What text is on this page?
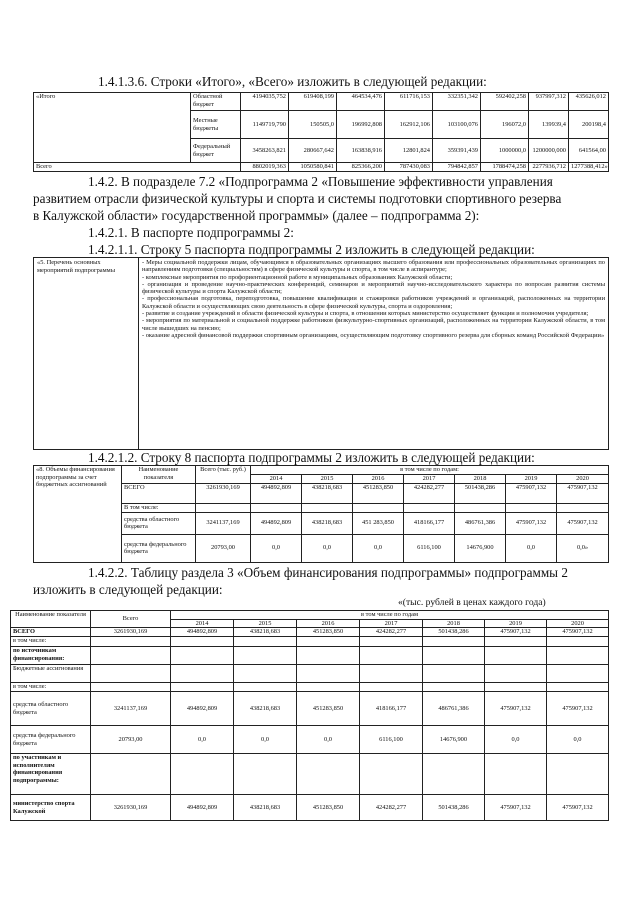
1.4.1.3.6. Строки «Итого», «Всего» изложить в следующей редакции:
«Итого	Областной бюджет	4194035,752	619408,199	464534,476	611716,153	332351,342	592402,258	937997,312	435626,012
	Местные бюджеты	1149719,790	150505,0	196992,808	162912,106	103100,076	196072,0	139939,4	200198,4
	Федеральный бюджет	3458263,821	280667,642	163838,916	12801,824	359391,439	1000000,0	1200000,000	641564,00
Всего		8802019,363	1050580,841	825366,200	787430,083	794842,857	1788474,258	2277936,712	1277388,412»
1.4.2. В подразделе 7.2 «Подпрограмма 2 «Повышение эффективности управления
развитием отрасли физической культуры и спорта и системы подготовки спортивного резерва
в Калужской области» государственной программы» (далее – подпрограмма 2):
1.4.2.1. В паспорте подпрограммы 2:
1.4.2.1.1. Строку 5 паспорта подпрограммы 2 изложить в следующей редакции:
«5. Перечень основных мероприятий подпрограммы	

- Меры социальной поддержки лицам, обучающимся в образовательных организациях высшего образования или профессиональных образовательных организациях по направлениям подготовки (специальностям) в сфере физической культуры и спорта, в том числе в аспирантуре;

- комплексные мероприятия по профориентационной работе в муниципальных образованиях Калужской области;

- организация и проведение научно-практических конференций, семинаров и мероприятий научно-исследовательского характера по вопросам развития системы физической культуры и спорта Калужской области;

- профессиональная подготовка, переподготовка, повышение квалификации и стажировки работников учреждений и организаций, расположенных на территории Калужской области и осуществляющих свою деятельность в сфере физической культуры, спорта и оздоровления;

- развитие и создание учреждений в области физической культуры и спорта, в отношении которых министерство осуществляет функции и полномочия учредителя;

- мероприятия по материальной и социальной поддержке работников физкультурно-спортивных организаций, расположенных на территории Калужской области, в том числе вышедших на пенсию;

- оказание адресной финансовой поддержки спортивным организациям, осуществляющим подготовку спортивного резерва для сборных команд Российской Федерации»

1.4.2.1.2. Строку 8 паспорта подпрограммы 2 изложить в следующей редакции:
«8. Объемы финансирования подпрограммы за счет бюджетных ассигнований	Наименование показателя	Всего (тыс. руб.)	в том числе по годам:						
			2014	2015	2016	2017	2018	2019	2020
	ВСЕГО	3261930,169	494892,809	438218,683	451283,850	424282,277	501438,286	475907,132	475907,132
	В том числе:								
	средства областного бюджета	3241137,169	494892,809	438218,683	451 283,850	418166,177	486761,386	475907,132	475907,132
	средства федерального бюджета	20793,00	0,0	0,0	0,0	6116,100	14676,900	0,0	0,0»
1.4.2.2. Таблицу раздела 3 «Объем финансирования подпрограммы» подпрограммы 2
изложить в следующей редакции:
«(тыс. рублей в ценах каждого года)
Наименование показателя	Всего	в том числе по годам						
		2014	2015	2016	2017	2018	2019	2020
ВСЕГО	3261930,169	494892,809	438218,683	451283,850	424282,277	501438,286	475907,132	475907,132
в том числе:								
по источникам финансирования:								
Бюджетные ассигнования								
в том числе:								
средства областного бюджета	3241137,169	494892,809	438218,683	451283,850	418166,177	486761,386	475907,132	475907,132
средства федерального бюджета	20793,00	0,0	0,0	0,0	6116,100	14676,900	0,0	0,0
по участникам и исполнителям финансирования подпрограммы:								
министерство спорта Калужской	3261930,169	494892,809	438218,683	451283,850	424282,277	501438,286	475907,132	475907,132
